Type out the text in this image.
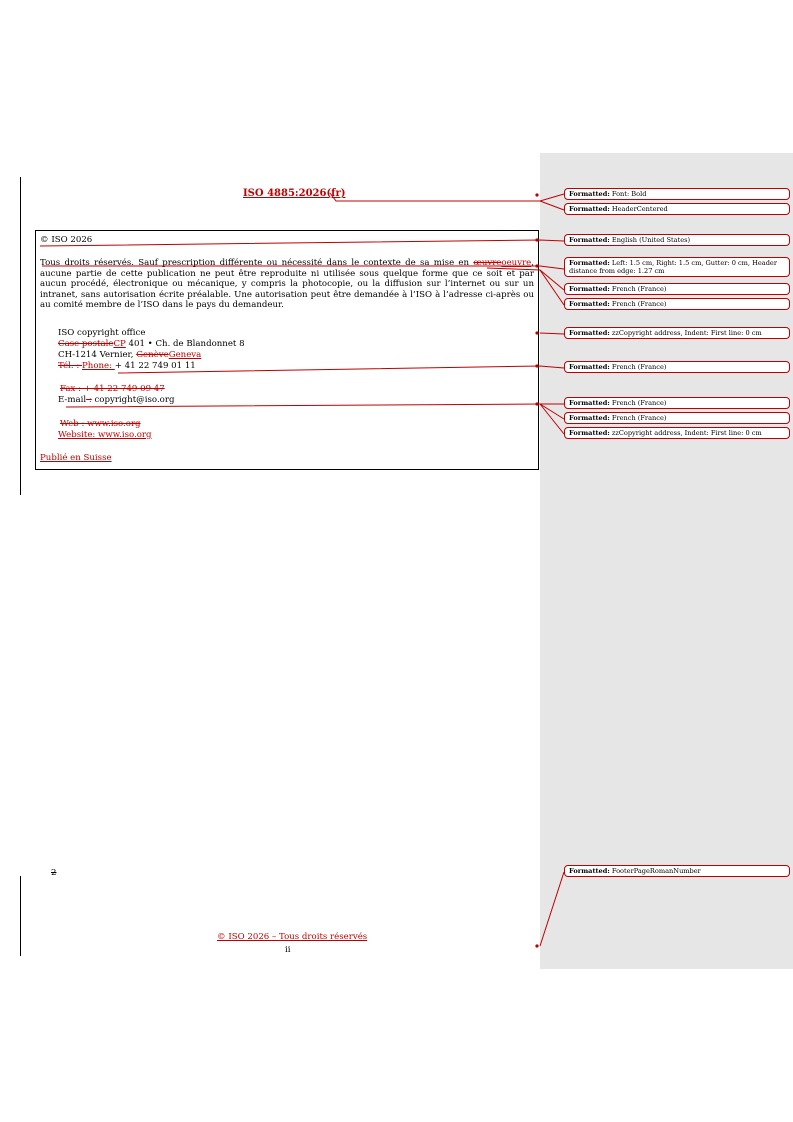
ISO 4885:2026(fr)
© ISO 2026
Tous droits réservés. Sauf prescription différente ou nécessité dans le contexte de sa mise en œuvreoeuvre, aucune partie de cette publication ne peut être reproduite ni utilisée sous quelque forme que ce soit et par aucun procédé, électronique ou mécanique, y compris la photocopie, ou la diffusion sur l’internet ou sur un intranet, sans autorisation écrite préalable. Une autorisation peut être demandée à l’ISO à l’adresse ci-après ou au comité membre de l’ISO dans le pays du demandeur.
ISO copyright office
Case postaleCP 401 • Ch. de Blandonnet 8
CH-1214 Vernier, GenèveGeneva
Tél. : Phone: + 41 22 749 01 11
Fax : + 41 22 749 09 47
E-mail : copyright@iso.org
Web : www.iso.org
Website: www.iso.org
Publié en Suisse
2
© ISO 2026 – Tous droits réservés
ii
Formatted: Font: Bold
Formatted: HeaderCentered
Formatted: English (United States)
Formatted: Left: 1.5 cm, Right: 1.5 cm, Gutter: 0 cm, Header distance from edge: 1.27 cm
Formatted: French (France)
Formatted: French (France)
Formatted: zzCopyright address, Indent: First line: 0 cm
Formatted: French (France)
Formatted: French (France)
Formatted: French (France)
Formatted: zzCopyright address, Indent: First line: 0 cm
Formatted: FooterPageRomanNumber
